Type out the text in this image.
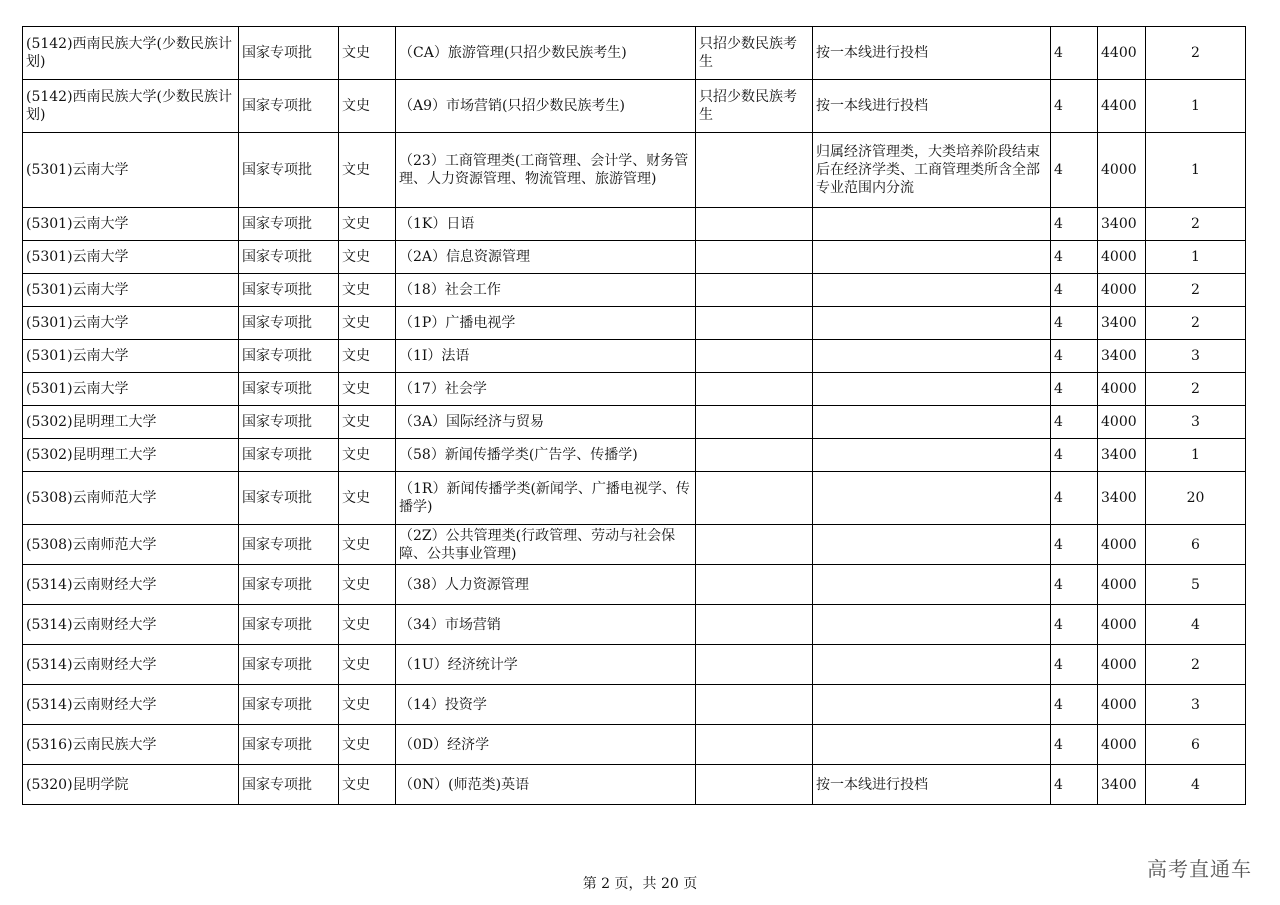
(5142)西南民族大学(少数民族计划)	国家专项批	文史	（CA）旅游管理(只招少数民族考生)	只招少数民族考生	按一本线进行投档	4	4400	2
(5142)西南民族大学(少数民族计划)	国家专项批	文史	（A9）市场营销(只招少数民族考生)	只招少数民族考生	按一本线进行投档	4	4400	1
(5301)云南大学	国家专项批	文史	（23）工商管理类(工商管理、会计学、财务管理、人力资源管理、物流管理、旅游管理)		归属经济管理类，大类培养阶段结束后在经济学类、工商管理类所含全部专业范围内分流	4	4000	1
(5301)云南大学	国家专项批	文史	（1K）日语			4	3400	2
(5301)云南大学	国家专项批	文史	（2A）信息资源管理			4	4000	1
(5301)云南大学	国家专项批	文史	（18）社会工作			4	4000	2
(5301)云南大学	国家专项批	文史	（1P）广播电视学			4	3400	2
(5301)云南大学	国家专项批	文史	（1I）法语			4	3400	3
(5301)云南大学	国家专项批	文史	（17）社会学			4	4000	2
(5302)昆明理工大学	国家专项批	文史	（3A）国际经济与贸易			4	4000	3
(5302)昆明理工大学	国家专项批	文史	（58）新闻传播学类(广告学、传播学)			4	3400	1
(5308)云南师范大学	国家专项批	文史	（1R）新闻传播学类(新闻学、广播电视学、传播学)			4	3400	20
(5308)云南师范大学	国家专项批	文史	（2Z）公共管理类(行政管理、劳动与社会保障、公共事业管理)			4	4000	6
(5314)云南财经大学	国家专项批	文史	（38）人力资源管理			4	4000	5
(5314)云南财经大学	国家专项批	文史	（34）市场营销			4	4000	4
(5314)云南财经大学	国家专项批	文史	（1U）经济统计学			4	4000	2
(5314)云南财经大学	国家专项批	文史	（14）投资学			4	4000	3
(5316)云南民族大学	国家专项批	文史	（0D）经济学			4	4000	6
(5320)昆明学院	国家专项批	文史	（0N）(师范类)英语		按一本线进行投档	4	3400	4
第 2 页，共 20 页
高考直通车
